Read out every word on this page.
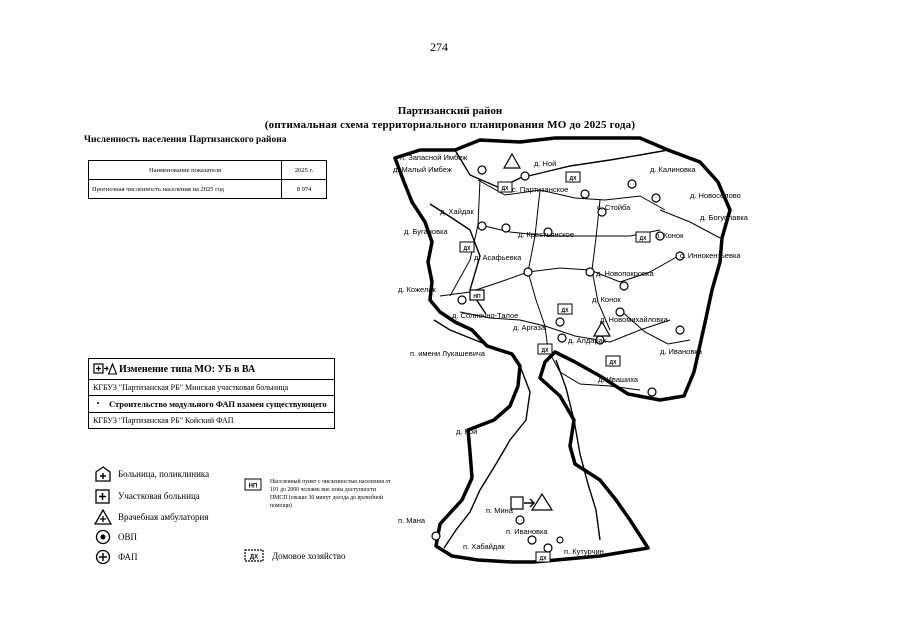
274
Партизанский район
(оптимальная схема территориального планирования МО до 2025 года)
Численность населения Партизанского района
Наименование показателя	2025 г.
Прогнозная численность населения на 2025 год	8 974	ДХ
ДХ
ДХ
ДХ
ДХ
ДХ
ДХ
ДХ
НП
п. Запасной Имбеж
д. Малый Имбеж
д. Ной
д. Калиновка
с. Партизанское
д. Новосёлово
с. Стойба
д. Хайдак
д. Богуславка
д. Бугановка	д. Крестьянское	п. Конок
с. Иннокентьевка
д. Асафьевка
д. Новопокровка
д. Кожелак
д. Конок
д. Солнечно-Талое	д. Новомихайловка
д. Аргаза
д. Алдарак
д. Ивановка
п. имени Лукашевича
д. Ивашиха
д. Кой
п. Мина
п. Мана
п. Ивановка
п. Хабайдак
п. Кутурчин
Изменение типа МО: УБ в ВА
КГБУЗ "Партизанская РБ" Минская участковая больница
•	Строительство модульного ФАП взамен существующего
КГБУЗ "Партизанская РБ" Койский ФАП
Больница, поликлиника
Участковая больница
Врачебная амбулатория
ОВП
ФАП
НП
Населенный пункт с численностью населения от 101 до 2000 человек вне зоны доступности ПМСП (свыше 30 минут доезда до врачебной помощи)
ДХ Домовое хозяйство
